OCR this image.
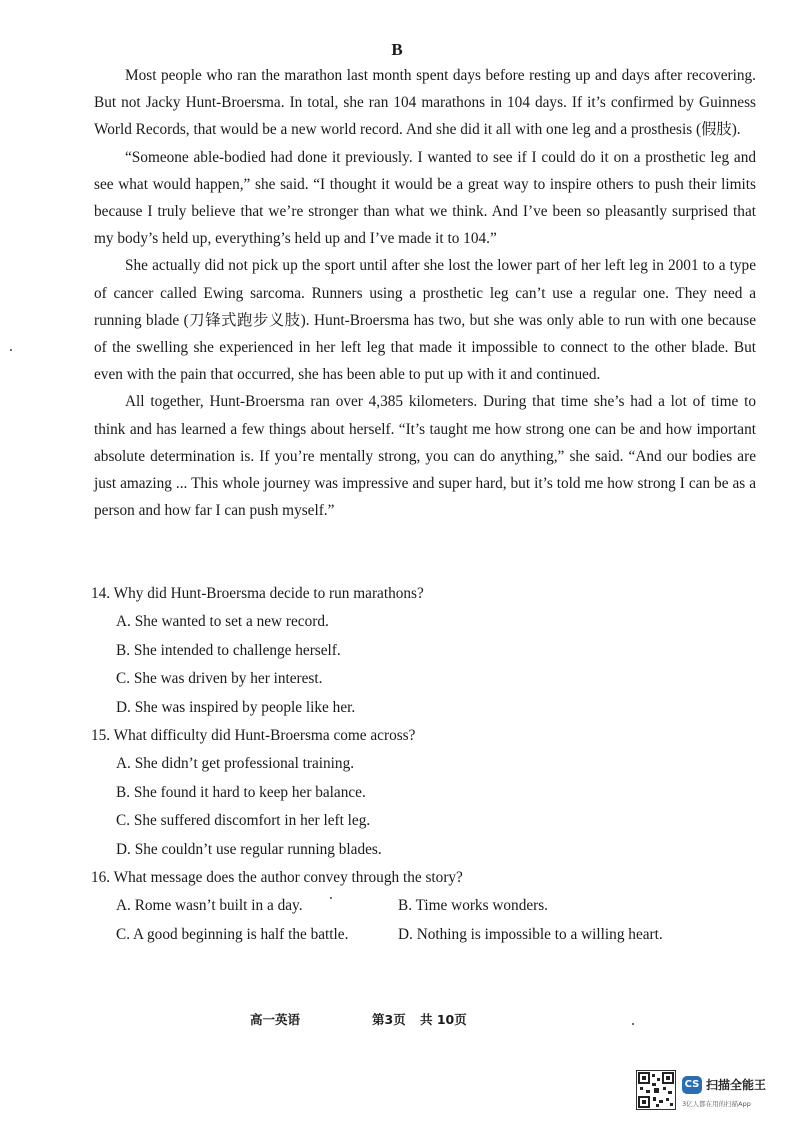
B

Most people who ran the marathon last month spent days before resting up and days after recovering. But not Jacky Hunt-Broersma. In total, she ran 104 marathons in 104 days. If it’s confirmed by Guinness World Records, that would be a new world record. And she did it all with one leg and a prosthesis (假肢).

“Someone able-bodied had done it previously. I wanted to see if I could do it on a prosthetic leg and see what would happen,” she said. “I thought it would be a great way to inspire others to push their limits because I truly believe that we’re stronger than what we think. And I’ve been so pleasantly surprised that my body’s held up, everything’s held up and I’ve made it to 104.”

She actually did not pick up the sport until after she lost the lower part of her left leg in 2001 to a type of cancer called Ewing sarcoma. Runners using a prosthetic leg can’t use a regular one. They need a running blade (刀锋式跑步义肢). Hunt-Broersma has two, but she was only able to run with one because of the swelling she experienced in her left leg that made it impossible to connect to the other blade. But even with the pain that occurred, she has been able to put up with it and continued.

All together, Hunt-Broersma ran over 4,385 kilometers. During that time she’s had a lot of time to think and has learned a few things about herself. “It’s taught me how strong one can be and how important absolute determination is. If you’re mentally strong, you can do anything,” she said. “And our bodies are just amazing ... This whole journey was impressive and super hard, but it’s told me how strong I can be as a person and how far I can push myself.”

14. Why did Hunt-Broersma decide to run marathons?
A. She wanted to set a new record.
B. She intended to challenge herself.
C. She was driven by her interest.
D. She was inspired by people like her.
15. What difficulty did Hunt-Broersma come across?
A. She didn’t get professional training.
B. She found it hard to keep her balance.
C. She suffered discomfort in her left leg.
D. She couldn’t use regular running blades.
16. What message does the author convey through the story?
A. Rome wasn’t built in a day.	B. Time works wonders.
C. A good beginning is half the battle.	D. Nothing is impossible to a willing heart.
高一英语	第3页 共 10页
CS 扫描全能王
3亿人都在用的扫描App
